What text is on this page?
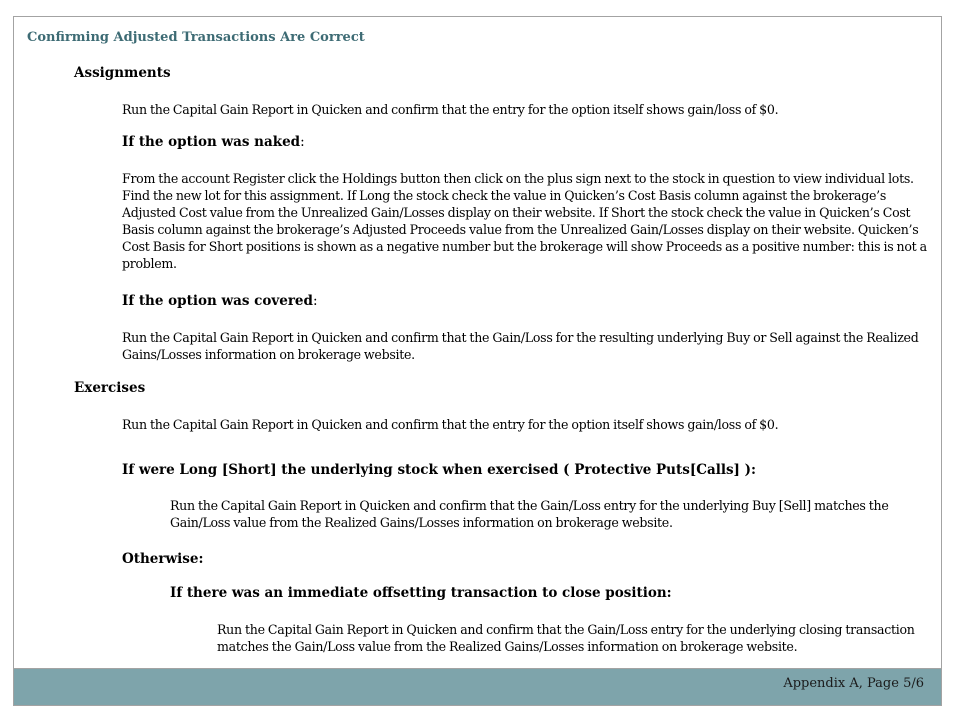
Confirming Adjusted Transactions Are Correct
Assignments

Run the Capital Gain Report in Quicken and confirm that the entry for the option itself shows gain/loss of $0.

If the option was naked:

From the account Register click the Holdings button then click on the plus sign next to the stock in question to view individual lots. Find the new lot for this assignment. If Long the stock check the value in Quicken’s Cost Basis column against the brokerage’s Adjusted Cost value from the Unrealized Gain/Losses display on their website. If Short the stock check the value in Quicken’s Cost Basis column against the brokerage’s Adjusted Proceeds value from the Unrealized Gain/Losses display on their website. Quicken’s Cost Basis for Short positions is shown as a negative number but the brokerage will show Proceeds as a positive number: this is not a problem.

If the option was covered:

Run the Capital Gain Report in Quicken and confirm that the Gain/Loss for the resulting underlying Buy or Sell against the Realized Gains/Losses information on brokerage website.

Exercises

Run the Capital Gain Report in Quicken and confirm that the entry for the option itself shows gain/loss of $0.

If were Long [Short] the underlying stock when exercised ( Protective Puts[Calls] ):

Run the Capital Gain Report in Quicken and confirm that the Gain/Loss entry for the underlying Buy [Sell] matches the Gain/Loss value from the Realized Gains/Losses information on brokerage website.

Otherwise:
If there was an immediate offsetting transaction to close position:

Run the Capital Gain Report in Quicken and confirm that the Gain/Loss entry for the underlying closing transaction matches the Gain/Loss value from the Realized Gains/Losses information on brokerage website.

Appendix A, Page 5/6
